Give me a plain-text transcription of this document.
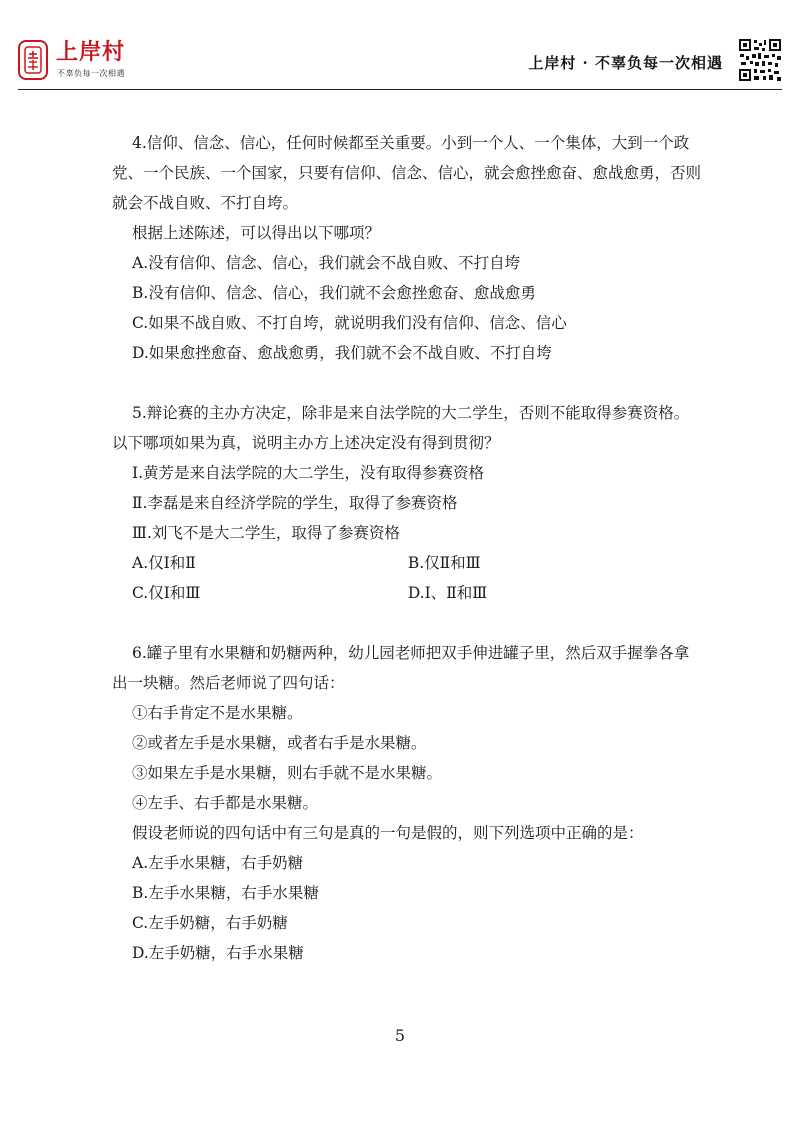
上岸村
不辜负每一次相遇
上岸村 · 不辜负每一次相遇
4.信仰、信念、信心，任何时候都至关重要。小到一个人、一个集体，大到一个政
党、一个民族、一个国家，只要有信仰、信念、信心，就会愈挫愈奋、愈战愈勇，否则
就会不战自败、不打自垮。
根据上述陈述，可以得出以下哪项？
A.没有信仰、信念、信心，我们就会不战自败、不打自垮
B.没有信仰、信念、信心，我们就不会愈挫愈奋、愈战愈勇
C.如果不战自败、不打自垮，就说明我们没有信仰、信念、信心
D.如果愈挫愈奋、愈战愈勇，我们就不会不战自败、不打自垮
5.辩论赛的主办方决定，除非是来自法学院的大二学生，否则不能取得参赛资格。
以下哪项如果为真，说明主办方上述决定没有得到贯彻？
Ⅰ.黄芳是来自法学院的大二学生，没有取得参赛资格
Ⅱ.李磊是来自经济学院的学生，取得了参赛资格
Ⅲ.刘飞不是大二学生，取得了参赛资格
A.仅Ⅰ和Ⅱ	B.仅Ⅱ和Ⅲ
C.仅Ⅰ和Ⅲ	D.Ⅰ、Ⅱ和Ⅲ
6.罐子里有水果糖和奶糖两种，幼儿园老师把双手伸进罐子里，然后双手握拳各拿
出一块糖。然后老师说了四句话：
①右手肯定不是水果糖。
②或者左手是水果糖，或者右手是水果糖。
③如果左手是水果糖，则右手就不是水果糖。
④左手、右手都是水果糖。
假设老师说的四句话中有三句是真的一句是假的，则下列选项中正确的是：
A.左手水果糖，右手奶糖
B.左手水果糖，右手水果糖
C.左手奶糖，右手奶糖
D.左手奶糖，右手水果糖
5
